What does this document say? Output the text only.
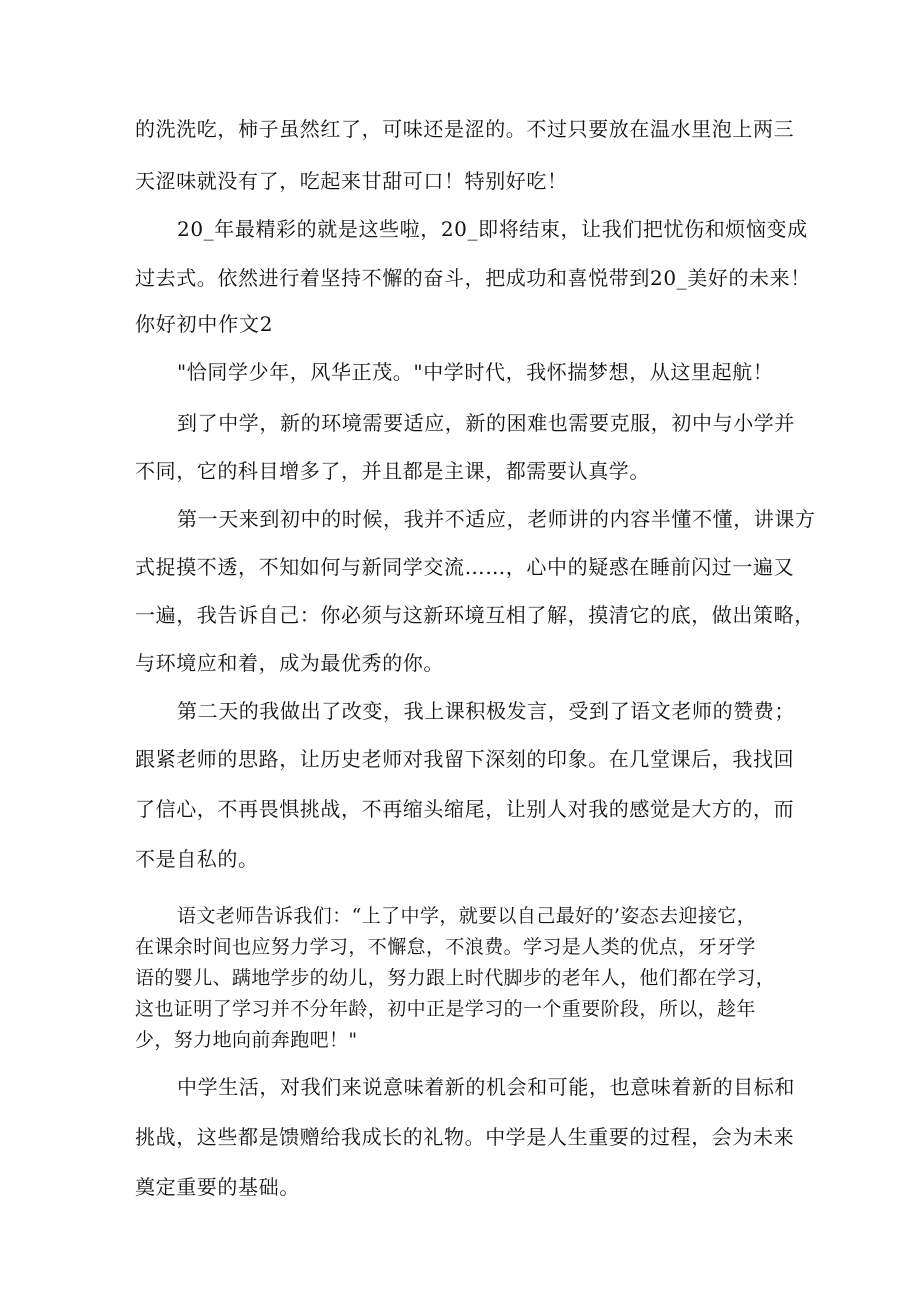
的洗洗吃，柿子虽然红了，可味还是涩的。不过只要放在温水里泡上两三
天涩味就没有了，吃起来甘甜可口！特别好吃！
20_年最精彩的就是这些啦，20_即将结束，让我们把忧伤和烦恼变成
过去式。依然进行着坚持不懈的奋斗，把成功和喜悦带到20_美好的未来！
你好初中作文2
"恰同学少年，风华正茂。"中学时代，我怀揣梦想，从这里起航！
到了中学，新的环境需要适应，新的困难也需要克服，初中与小学并
不同，它的科目增多了，并且都是主课，都需要认真学。
第一天来到初中的时候，我并不适应，老师讲的内容半懂不懂，讲课方
式捉摸不透，不知如何与新同学交流……，心中的疑惑在睡前闪过一遍又
一遍，我告诉自己：你必须与这新环境互相了解，摸清它的底，做出策略，
与环境应和着，成为最优秀的你。
第二天的我做出了改变，我上课积极发言，受到了语文老师的赞费；
跟紧老师的思路，让历史老师对我留下深刻的印象。在几堂课后，我找回
了信心，不再畏惧挑战，不再缩头缩尾，让别人对我的感觉是大方的，而
不是自私的。
语文老师告诉我们：“上了中学，就要以自己最好的’姿态去迎接它，
在课余时间也应努力学习，不懈怠，不浪费。学习是人类的优点，牙牙学
语的婴儿、蹒地学步的幼儿，努力跟上时代脚步的老年人，他们都在学习，
这也证明了学习并不分年龄，初中正是学习的一个重要阶段，所以，趁年
少，努力地向前奔跑吧！"
中学生活，对我们来说意味着新的机会和可能，也意味着新的目标和
挑战，这些都是馈赠给我成长的礼物。中学是人生重要的过程，会为未来
奠定重要的基础。
